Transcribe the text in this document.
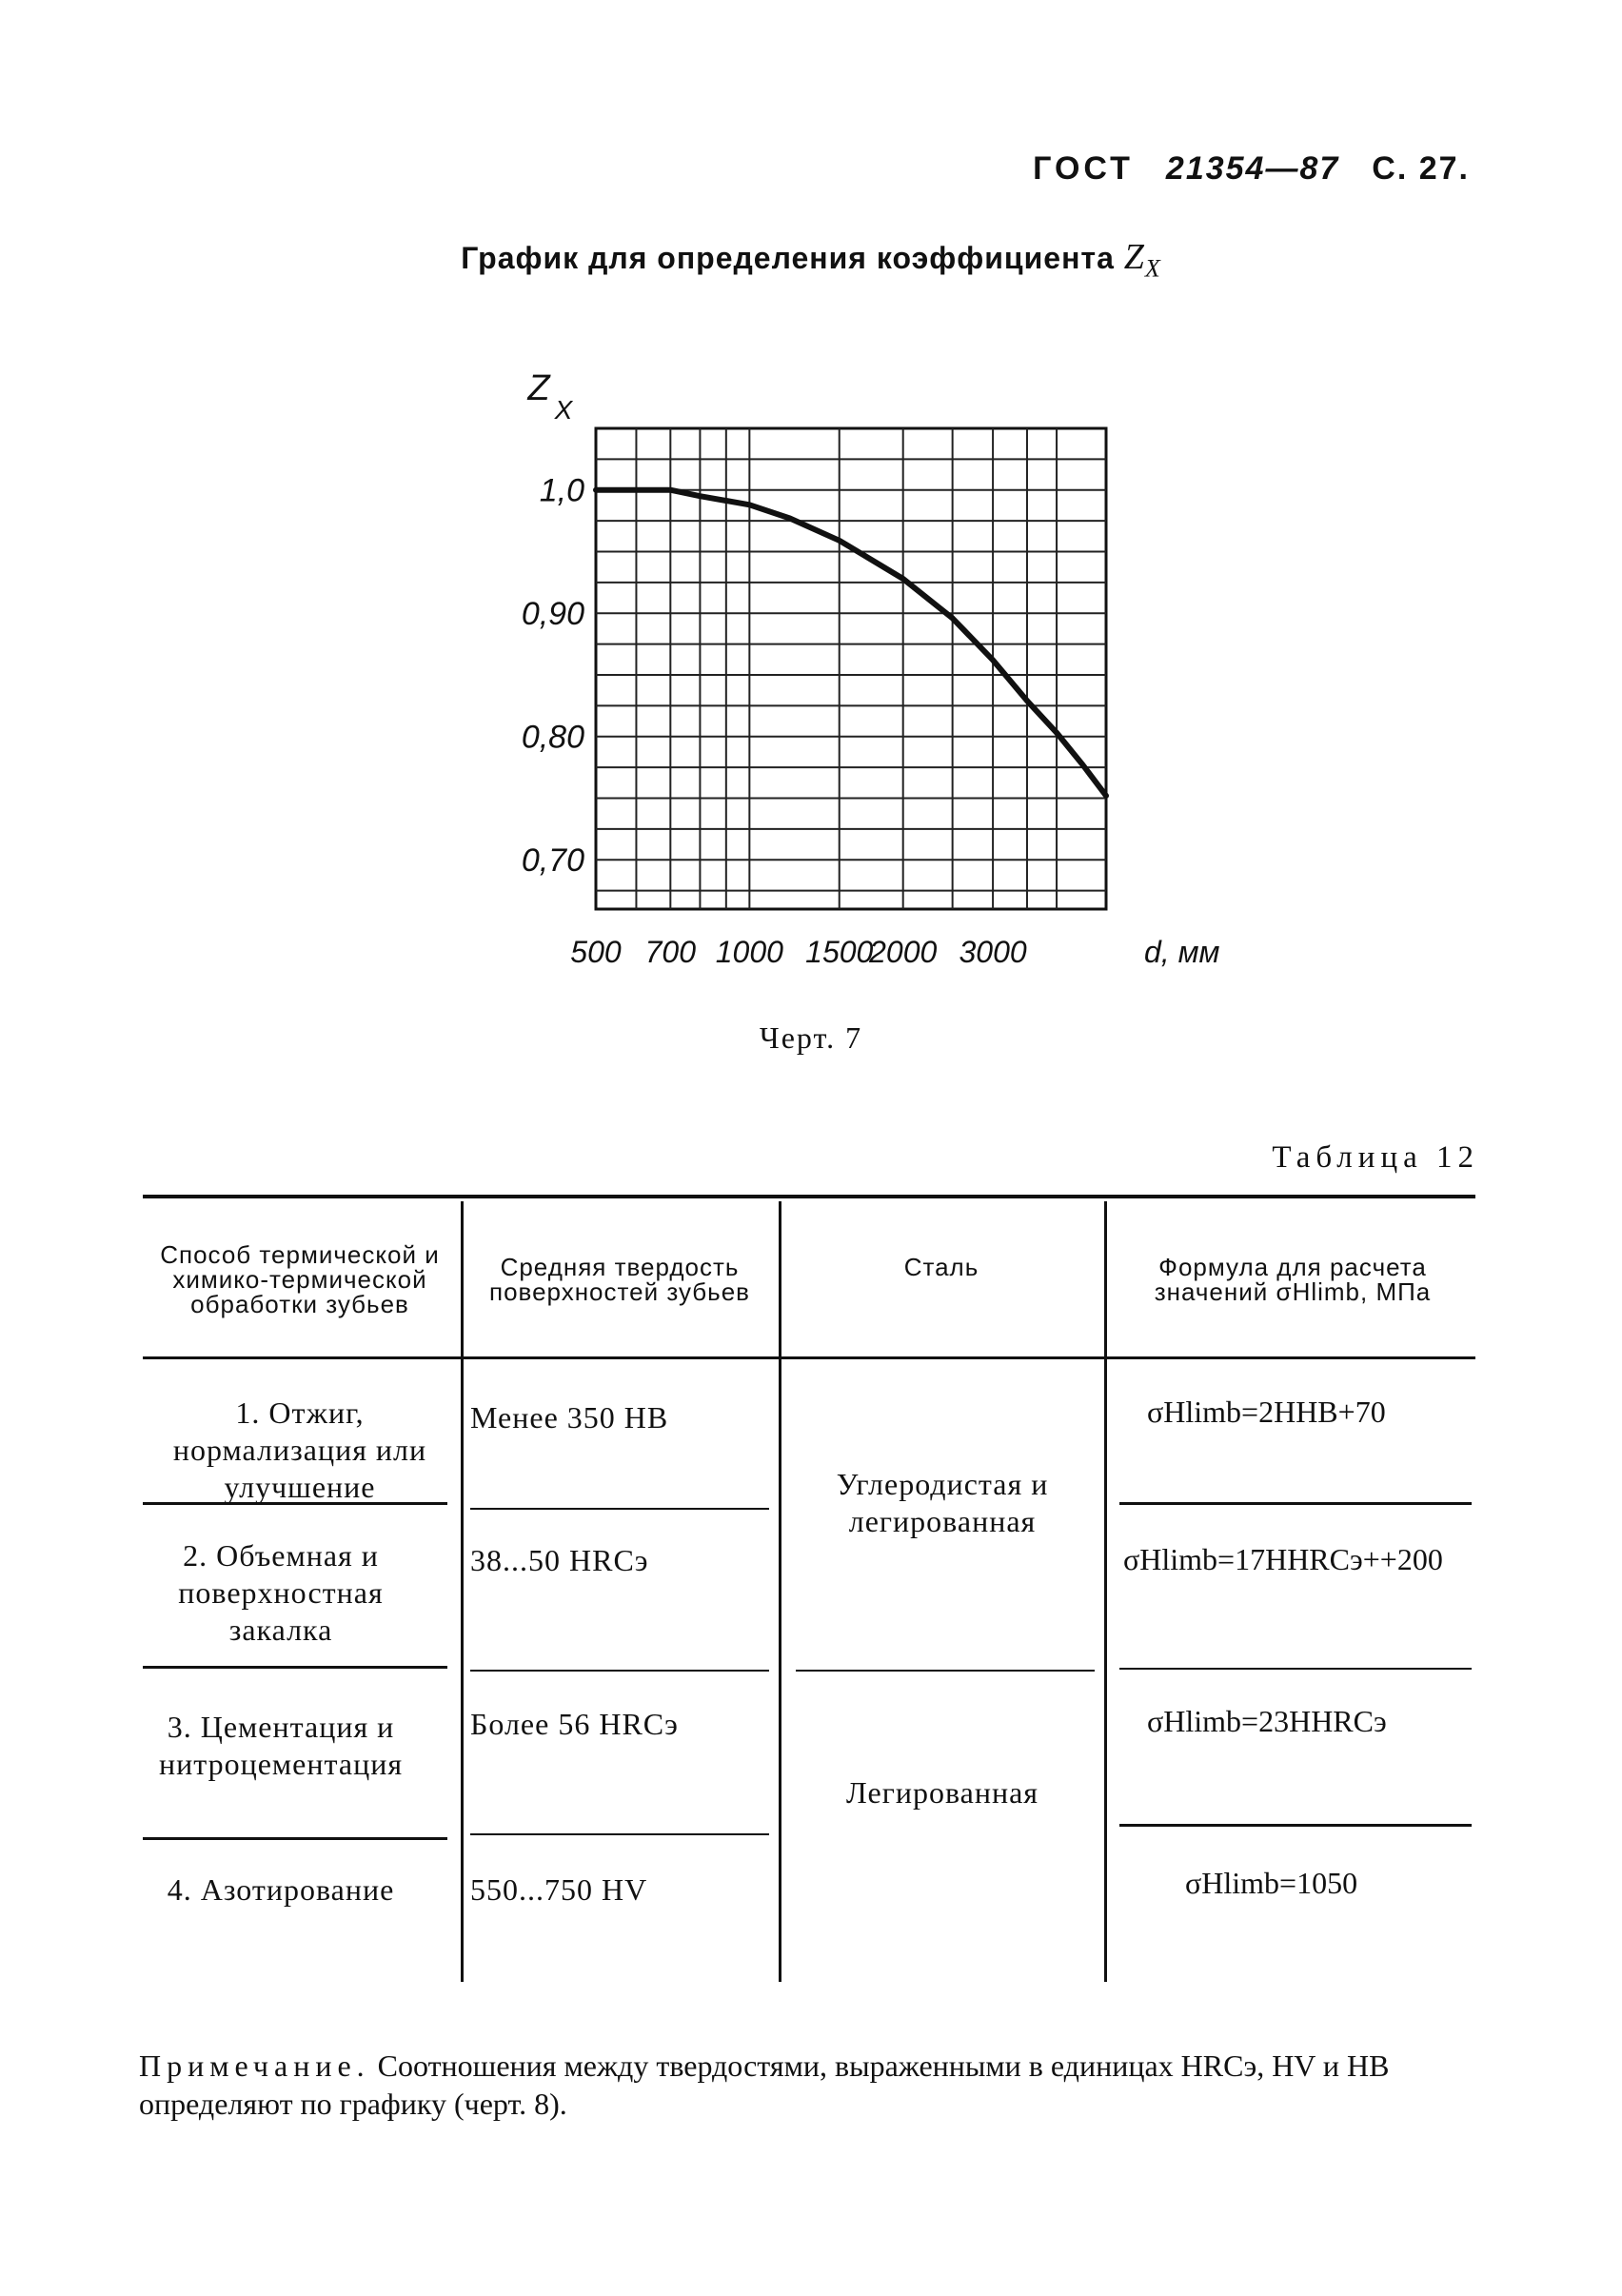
ГОСТ 21354—87 С. 27.
График для определения коэффициента $Z_X$
1,0
0,90
0,80
0,70
500 700 1000 1500
2000 3000	d, мм
Z
X
Черт. 7
Таблица 12
Способ термической и химико-термической обработки зубьев
Средняя твердость поверхностей зубьев
Сталь	Формула для расчета значений σHlimb, МПа
1. Отжиг, нормализация или улучшение
2. Объемная и поверхностная закалка
3. Цементация и нитроцементация
4. Азотирование
Менее 350 HB
38...50 HRCэ
Более 56 HRCэ
550...750 HV
Углеродистая и легированная
Легированная
σHlimb=2HHB+70
σHlimb=17HHRCэ++200
σHlimb=23HHRCэ
σHlimb=1050
Примечание. Соотношения между твердостями, выраженными в единицах HRCэ, HV и HB определяют по графику (черт. 8).
